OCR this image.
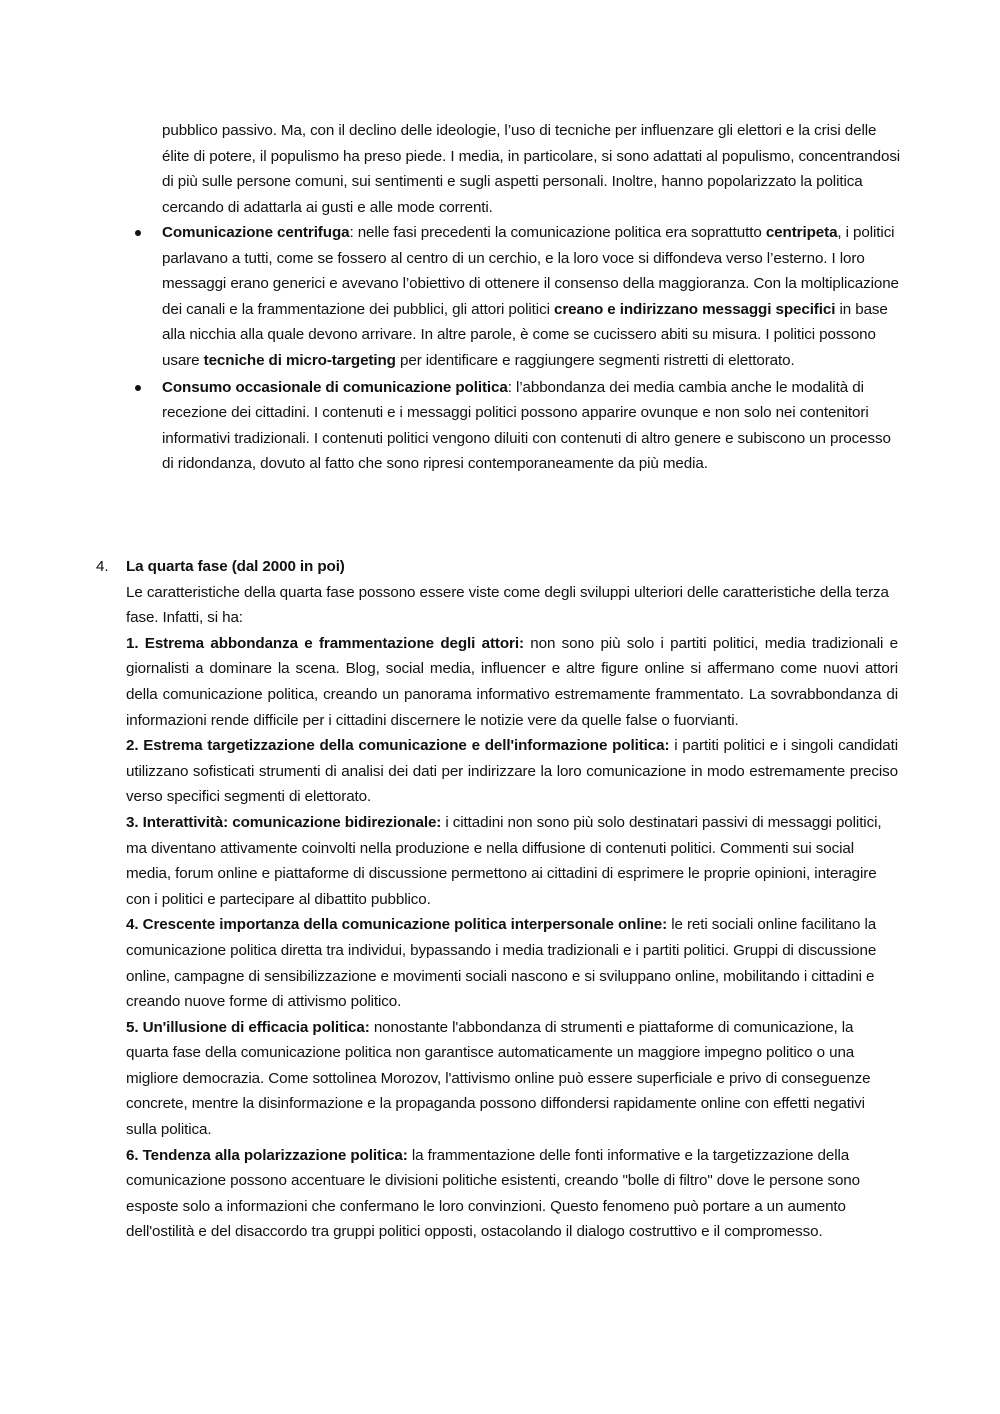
pubblico passivo. Ma, con il declino delle ideologie, l’uso di tecniche per influenzare gli elettori e la crisi delle élite di potere, il populismo ha preso piede. I media, in particolare, si sono adattati al populismo, concentrandosi di più sulle persone comuni, sui sentimenti e sugli aspetti personali. Inoltre, hanno popolarizzato la politica cercando di adattarla ai gusti e alle mode correnti.

Comunicazione centrifuga: nelle fasi precedenti la comunicazione politica era soprattutto centripeta, i politici parlavano a tutti, come se fossero al centro di un cerchio, e la loro voce si diffondeva verso l’esterno. I loro messaggi erano generici e avevano l’obiettivo di ottenere il consenso della maggioranza. Con la moltiplicazione dei canali e la frammentazione dei pubblici, gli attori politici creano e indirizzano messaggi specifici in base alla nicchia alla quale devono arrivare. In altre parole, è come se cucissero abiti su misura. I politici possono usare tecniche di micro-targeting per identificare e raggiungere segmenti ristretti di elettorato.
Consumo occasionale di comunicazione politica: l’abbondanza dei media cambia anche le modalità di recezione dei cittadini. I contenuti e i messaggi politici possono apparire ovunque e non solo nei contenitori informativi tradizionali. I contenuti politici vengono diluiti con contenuti di altro genere e subiscono un processo di ridondanza, dovuto al fatto che sono ripresi contemporaneamente da più media.
4.	La quarta fase (dal 2000 in poi)

Le caratteristiche della quarta fase possono essere viste come degli sviluppi ulteriori delle caratteristiche della terza fase. Infatti, si ha:

1. Estrema abbondanza e frammentazione degli attori: non sono più solo i partiti politici, media tradizionali e giornalisti a dominare la scena. Blog, social media, influencer e altre figure online si affermano come nuovi attori della comunicazione politica, creando un panorama informativo estremamente frammentato. La sovrabbondanza di informazioni rende difficile per i cittadini discernere le notizie vere da quelle false o fuorvianti.

2. Estrema targetizzazione della comunicazione e dell'informazione politica: i partiti politici e i singoli candidati utilizzano sofisticati strumenti di analisi dei dati per indirizzare la loro comunicazione in modo estremamente preciso verso specifici segmenti di elettorato.

3. Interattività: comunicazione bidirezionale: i cittadini non sono più solo destinatari passivi di messaggi politici, ma diventano attivamente coinvolti nella produzione e nella diffusione di contenuti politici. Commenti sui social media, forum online e piattaforme di discussione permettono ai cittadini di esprimere le proprie opinioni, interagire con i politici e partecipare al dibattito pubblico.

4. Crescente importanza della comunicazione politica interpersonale online: le reti sociali online facilitano la comunicazione politica diretta tra individui, bypassando i media tradizionali e i partiti politici. Gruppi di discussione online, campagne di sensibilizzazione e movimenti sociali nascono e si sviluppano online, mobilitando i cittadini e creando nuove forme di attivismo politico.

5. Un'illusione di efficacia politica: nonostante l'abbondanza di strumenti e piattaforme di comunicazione, la quarta fase della comunicazione politica non garantisce automaticamente un maggiore impegno politico o una migliore democrazia. Come sottolinea Morozov, l'attivismo online può essere superficiale e privo di conseguenze concrete, mentre la disinformazione e la propaganda possono diffondersi rapidamente online con effetti negativi sulla politica.

6. Tendenza alla polarizzazione politica: la frammentazione delle fonti informative e la targetizzazione della comunicazione possono accentuare le divisioni politiche esistenti, creando "bolle di filtro" dove le persone sono esposte solo a informazioni che confermano le loro convinzioni. Questo fenomeno può portare a un aumento dell'ostilità e del disaccordo tra gruppi politici opposti, ostacolando il dialogo costruttivo e il compromesso.
